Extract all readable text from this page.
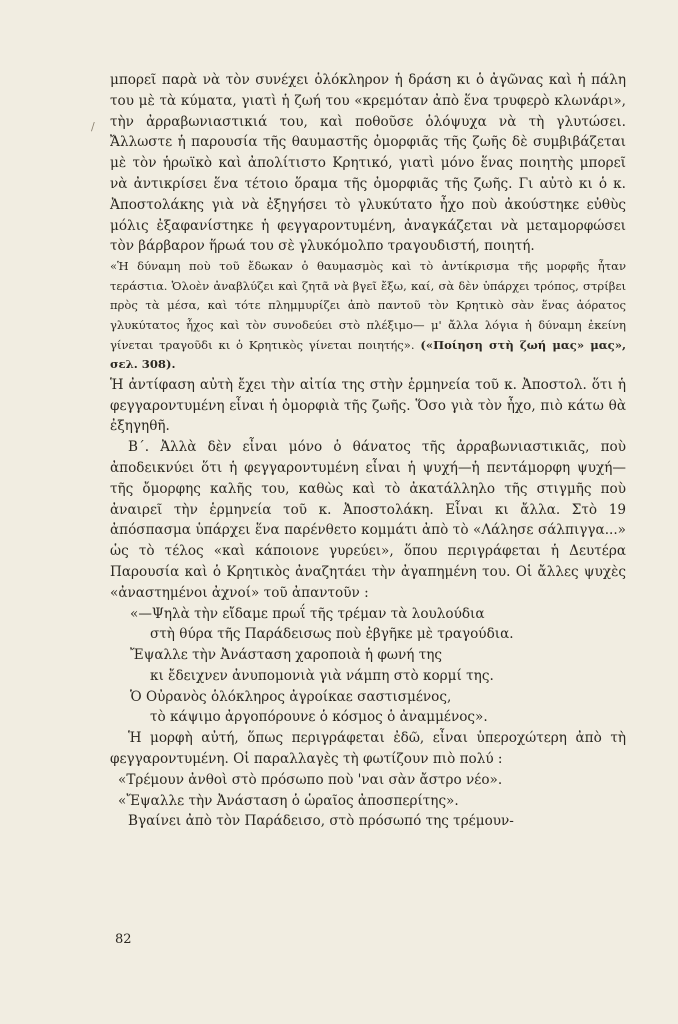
/

μπορεῖ παρὰ νὰ τὸν συνέχει ὁλόκληρον ἡ δράση κι ὁ ἀγῶνας καὶ ἡ πάλη του μὲ τὰ κύματα, γιατὶ ἡ ζωή του «κρεμόταν ἀπὸ ἕνα τρυφερὸ κλωνάρι», τὴν ἀρραβωνιαστικιά του, καὶ ποθοῦσε ὁλόψυχα νὰ τὴ γλυτώσει. Ἄλλωστε ἡ παρουσία τῆς θαυμαστῆς ὀμορφιᾶς τῆς ζωῆς δὲ συμβιβάζεται μὲ τὸν ἡρωϊκὸ καὶ ἀπολίτιστο Κρητικό, γιατὶ μόνο ἕνας ποιητὴς μπορεῖ νὰ ἀντικρίσει ἕνα τέτοιο ὅραμα τῆς ὀμορφιᾶς τῆς ζωῆς. Γι αὐτὸ κι ὁ κ. Ἀποστολάκης γιὰ νὰ ἐξηγήσει τὸ γλυκύτατο ἦχο ποὺ ἀκούστηκε εὐθὺς μόλις ἐξαφανίστηκε ἡ φεγγαροντυμένη, ἀναγκάζεται νὰ μεταμορφώσει τὸν βάρβαρον ἥρωά του σὲ γλυκόμολπο τραγουδιστή, ποιητή.

«Ἡ δύναμη ποὺ τοῦ ἔδωκαν ὁ θαυμασμὸς καὶ τὸ ἀντίκρισμα τῆς μορφῆς ἦταν τεράστια. Ὁλοὲν ἀναβλύζει καὶ ζητᾶ νὰ βγεῖ ἔξω, καί, σὰ δὲν ὑπάρχει τρόπος, στρίβει πρὸς τὰ μέσα, καὶ τότε πλημμυρίζει ἀπὸ παντοῦ τὸν Κρητικὸ σὰν ἕνας ἀόρατος γλυκύτατος ἦχος καὶ τὸν συνοδεύει στὸ πλέξιμο— μ' ἄλλα λόγια ἡ δύναμη ἐκείνη γίνεται τραγοῦδι κι ὁ Κρητικὸς γίνεται ποιητής». («Ποίηση στὴ ζωή μας» μας», σελ. 308).

Ἡ ἀντίφαση αὐτὴ ἔχει τὴν αἰτία της στὴν ἑρμηνεία τοῦ κ. Ἀποστολ. ὅτι ἡ φεγγαροντυμένη εἶναι ἡ ὀμορφιὰ τῆς ζωῆς. Ὅσο γιὰ τὸν ἦχο, πιὸ κάτω θὰ ἐξηγηθῆ.

Β΄. Ἀλλὰ δὲν εἶναι μόνο ὁ θάνατος τῆς ἀρραβωνιαστικιᾶς, ποὺ ἀποδεικνύει ὅτι ἡ φεγγαροντυμένη εἶναι ἡ ψυχή—ἡ πεντάμορφη ψυχή— τῆς ὄμορφης καλῆς του, καθὼς καὶ τὸ ἀκατάλληλο τῆς στιγμῆς ποὺ ἀναιρεῖ τὴν ἑρμηνεία τοῦ κ. Ἀποστολάκη. Εἶναι κι ἄλλα. Στὸ 19 ἀπόσπασμα ὑπάρχει ἕνα παρένθετο κομμάτι ἀπὸ τὸ «Λάλησε σάλπιγγα...» ὡς τὸ τέλος «καὶ κάποιονε γυρεύει», ὅπου περιγράφεται ἡ Δευτέρα Παρουσία καὶ ὁ Κρητικὸς ἀναζητάει τὴν ἀγαπημένη του. Οἱ ἄλλες ψυχὲς «ἀναστημένοι ἀχνοί» τοῦ ἀπαντοῦν :

«—Ψηλὰ τὴν εἴδαμε πρωΐ τῆς τρέμαν τὰ λουλούδια

στὴ θύρα τῆς Παράδεισως ποὺ ἐβγῆκε μὲ τραγούδια.

Ἔψαλλε τὴν Ἀνάσταση χαροποιὰ ἡ φωνή της

κι ἔδειχνεν ἀνυπομονιὰ γιὰ νάμπη στὸ κορμί της.

Ὁ Οὐρανὸς ὁλόκληρος ἀγροίκαε σαστισμένος,

τὸ κάψιμο ἀργοπόρουνε ὁ κόσμος ὁ ἀναμμένος».

Ἡ μορφὴ αὐτή, ὅπως περιγράφεται ἐδῶ, εἶναι ὑπεροχώτερη ἀπὸ τὴ φεγγαροντυμένη. Οἱ παραλλαγὲς τὴ φωτίζουν πιὸ πολύ :

«Τρέμουν ἀνθοὶ στὸ πρόσωπο ποὺ 'ναι σὰν ἄστρο νέο».

«Ἔψαλλε τὴν Ἀνάσταση ὁ ὡραῖος ἀποσπερίτης».

Βγαίνει ἀπὸ τὸν Παράδεισο, στὸ πρόσωπό της τρέμουν-

82
